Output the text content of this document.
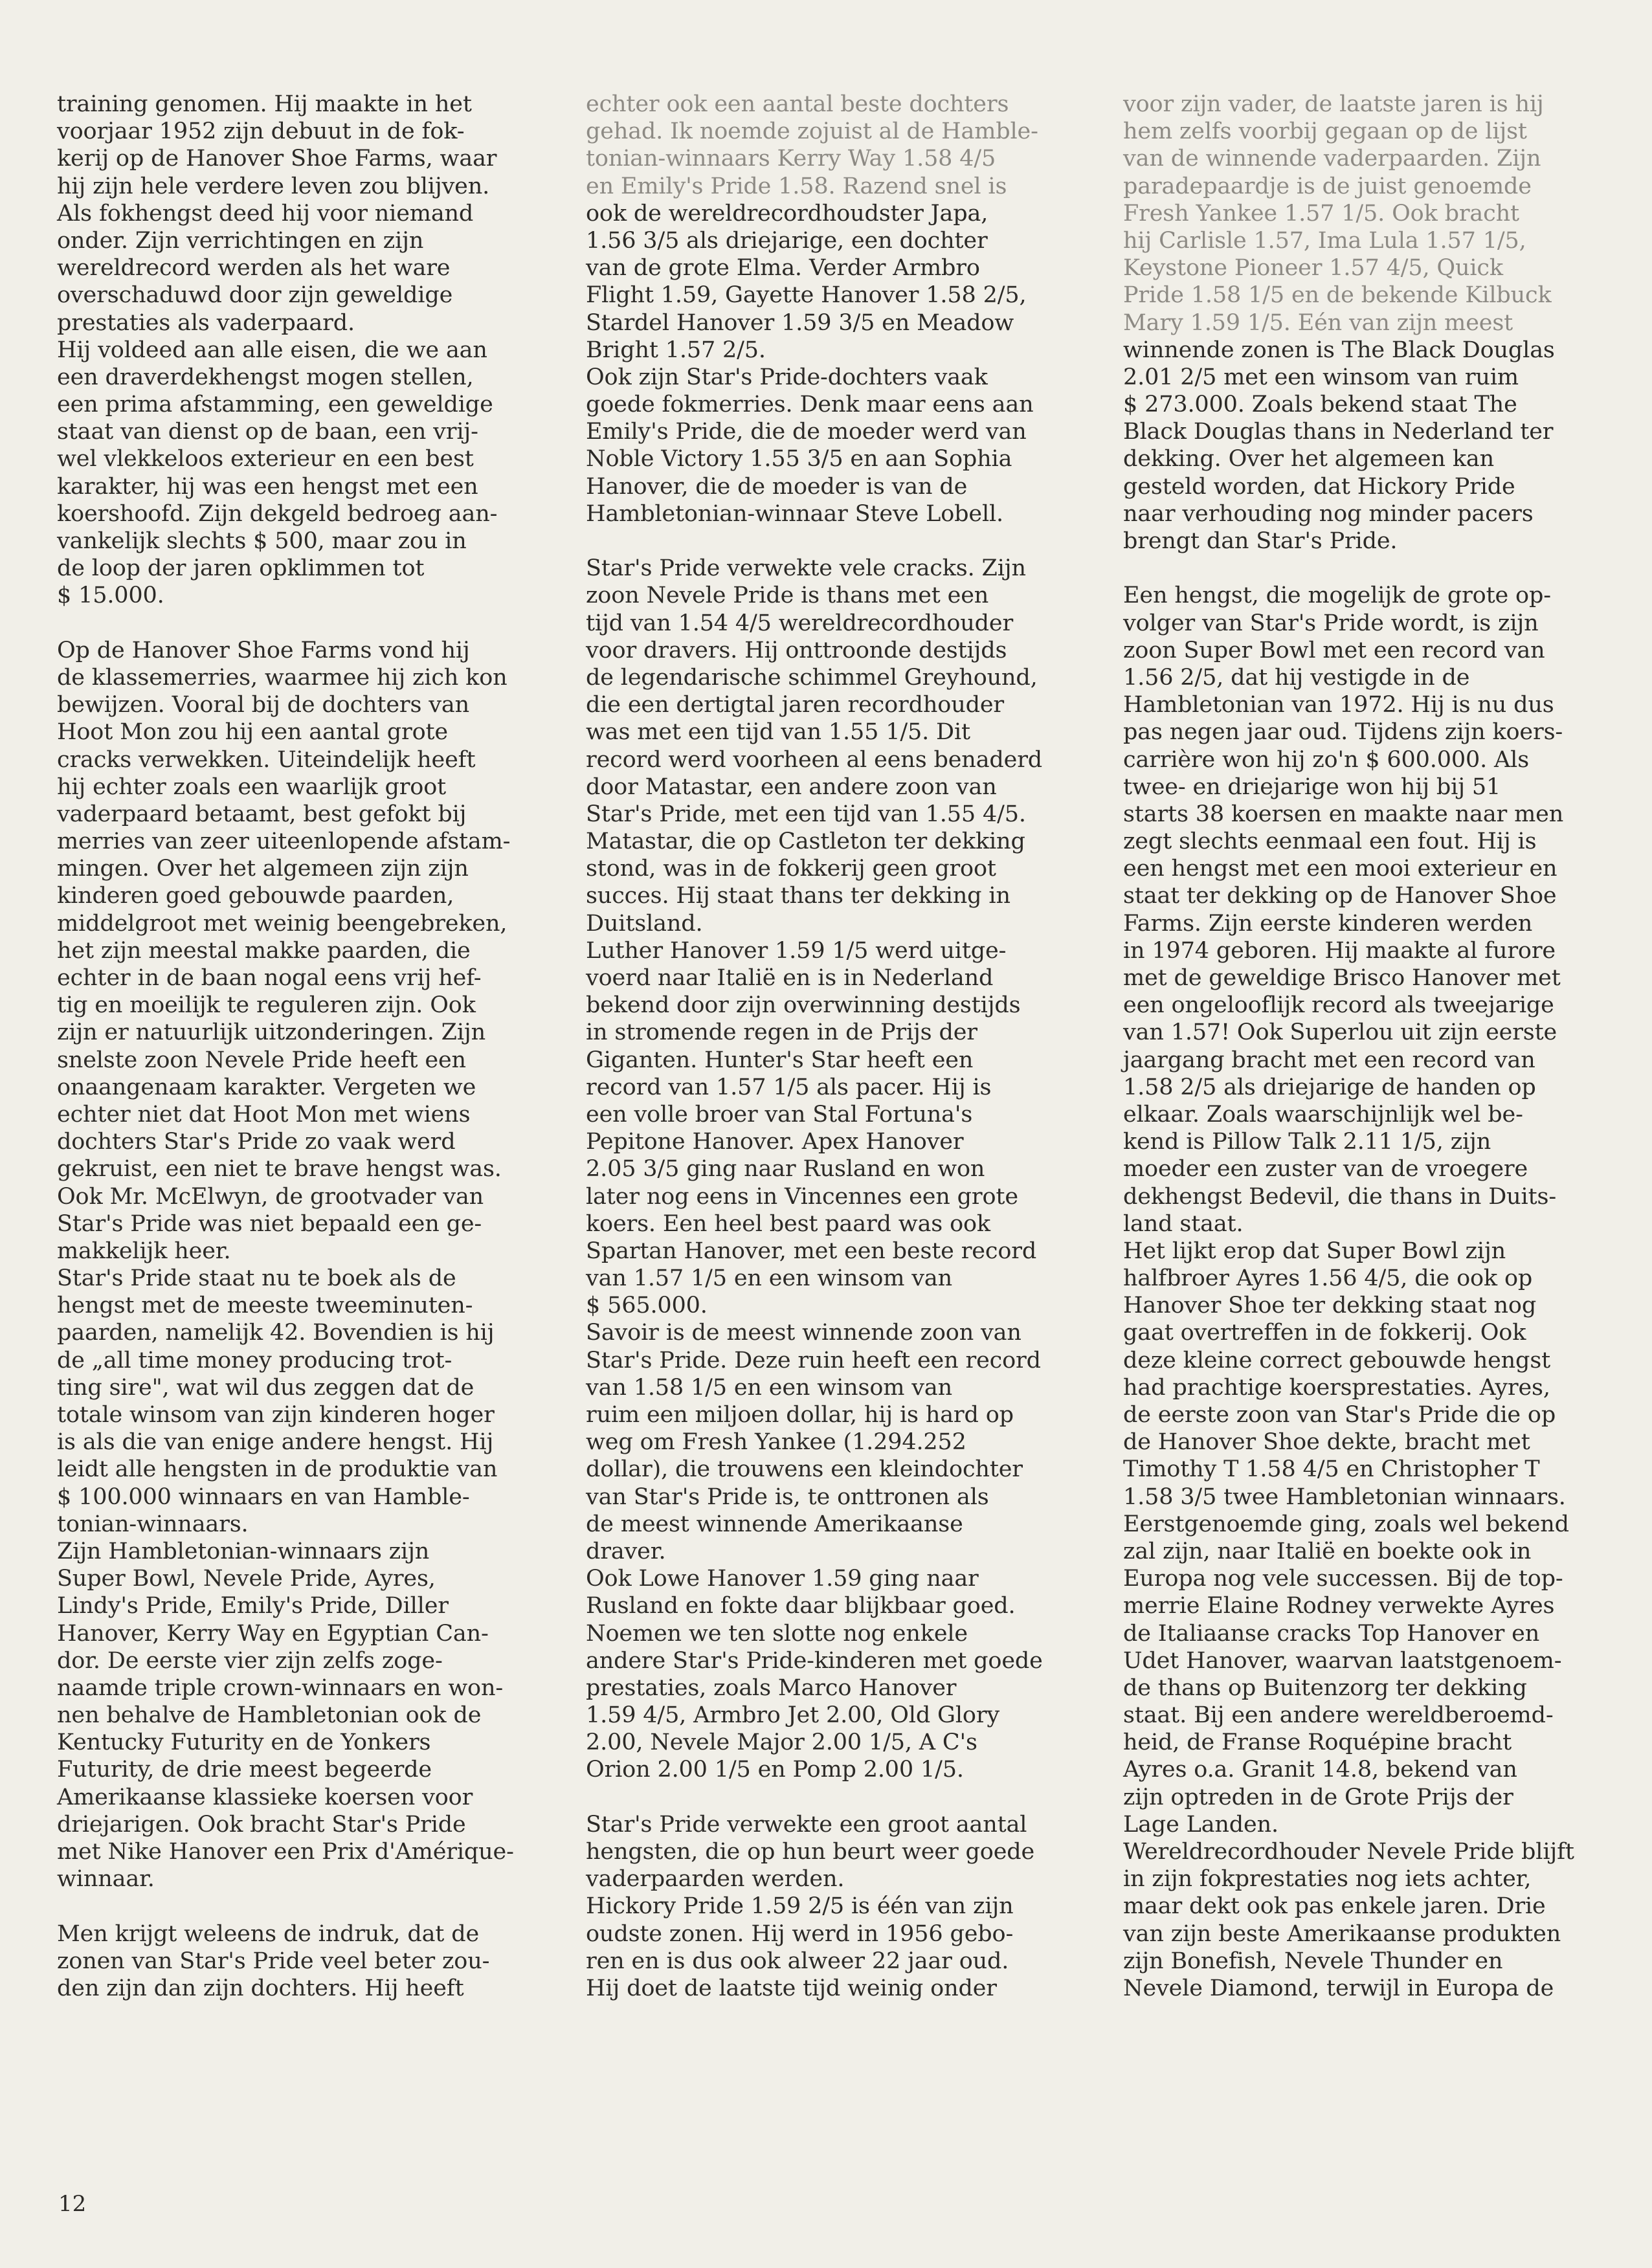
training genomen. Hij maakte in het
voorjaar 1952 zijn debuut in de fok-
kerij op de Hanover Shoe Farms, waar
hij zijn hele verdere leven zou blijven.
Als fokhengst deed hij voor niemand
onder. Zijn verrichtingen en zijn
wereldrecord werden als het ware
overschaduwd door zijn geweldige
prestaties als vaderpaard.
Hij voldeed aan alle eisen, die we aan
een draverdekhengst mogen stellen,
een prima afstamming, een geweldige
staat van dienst op de baan, een vrij-
wel vlekkeloos exterieur en een best
karakter, hij was een hengst met een
koershoofd. Zijn dekgeld bedroeg aan-
vankelijk slechts $ 500, maar zou in
de loop der jaren opklimmen tot
$ 15.000.
Op de Hanover Shoe Farms vond hij
de klassemerries, waarmee hij zich kon
bewijzen. Vooral bij de dochters van
Hoot Mon zou hij een aantal grote
cracks verwekken. Uiteindelijk heeft
hij echter zoals een waarlijk groot
vaderpaard betaamt, best gefokt bij
merries van zeer uiteenlopende afstam-
mingen. Over het algemeen zijn zijn
kinderen goed gebouwde paarden,
middelgroot met weinig beengebreken,
het zijn meestal makke paarden, die
echter in de baan nogal eens vrij hef-
tig en moeilijk te reguleren zijn. Ook
zijn er natuurlijk uitzonderingen. Zijn
snelste zoon Nevele Pride heeft een
onaangenaam karakter. Vergeten we
echter niet dat Hoot Mon met wiens
dochters Star's Pride zo vaak werd
gekruist, een niet te brave hengst was.
Ook Mr. McElwyn, de grootvader van
Star's Pride was niet bepaald een ge-
makkelijk heer.
Star's Pride staat nu te boek als de
hengst met de meeste tweeminuten-
paarden, namelijk 42. Bovendien is hij
de „all time money producing trot-
ting sire", wat wil dus zeggen dat de
totale winsom van zijn kinderen hoger
is als die van enige andere hengst. Hij
leidt alle hengsten in de produktie van
$ 100.000 winnaars en van Hamble-
tonian-winnaars.
Zijn Hambletonian-winnaars zijn
Super Bowl, Nevele Pride, Ayres,
Lindy's Pride, Emily's Pride, Diller
Hanover, Kerry Way en Egyptian Can-
dor. De eerste vier zijn zelfs zoge-
naamde triple crown-winnaars en won-
nen behalve de Hambletonian ook de
Kentucky Futurity en de Yonkers
Futurity, de drie meest begeerde
Amerikaanse klassieke koersen voor
driejarigen. Ook bracht Star's Pride
met Nike Hanover een Prix d'Amérique-
winnaar.
Men krijgt weleens de indruk, dat de
zonen van Star's Pride veel beter zou-
den zijn dan zijn dochters. Hij heeft
echter ook een aantal beste dochters
gehad. Ik noemde zojuist al de Hamble-
tonian-winnaars Kerry Way 1.58 4/5
en Emily's Pride 1.58. Razend snel is
ook de wereldrecordhoudster Japa,
1.56 3/5 als driejarige, een dochter
van de grote Elma. Verder Armbro
Flight 1.59, Gayette Hanover 1.58 2/5,
Stardel Hanover 1.59 3/5 en Meadow
Bright 1.57 2/5.
Ook zijn Star's Pride-dochters vaak
goede fokmerries. Denk maar eens aan
Emily's Pride, die de moeder werd van
Noble Victory 1.55 3/5 en aan Sophia
Hanover, die de moeder is van de
Hambletonian-winnaar Steve Lobell.
Star's Pride verwekte vele cracks. Zijn
zoon Nevele Pride is thans met een
tijd van 1.54 4/5 wereldrecordhouder
voor dravers. Hij onttroonde destijds
de legendarische schimmel Greyhound,
die een dertigtal jaren recordhouder
was met een tijd van 1.55 1/5. Dit
record werd voorheen al eens benaderd
door Matastar, een andere zoon van
Star's Pride, met een tijd van 1.55 4/5.
Matastar, die op Castleton ter dekking
stond, was in de fokkerij geen groot
succes. Hij staat thans ter dekking in
Duitsland.
Luther Hanover 1.59 1/5 werd uitge-
voerd naar Italië en is in Nederland
bekend door zijn overwinning destijds
in stromende regen in de Prijs der
Giganten. Hunter's Star heeft een
record van 1.57 1/5 als pacer. Hij is
een volle broer van Stal Fortuna's
Pepitone Hanover. Apex Hanover
2.05 3/5 ging naar Rusland en won
later nog eens in Vincennes een grote
koers. Een heel best paard was ook
Spartan Hanover, met een beste record
van 1.57 1/5 en een winsom van
$ 565.000.
Savoir is de meest winnende zoon van
Star's Pride. Deze ruin heeft een record
van 1.58 1/5 en een winsom van
ruim een miljoen dollar, hij is hard op
weg om Fresh Yankee (1.294.252
dollar), die trouwens een kleindochter
van Star's Pride is, te onttronen als
de meest winnende Amerikaanse
draver.
Ook Lowe Hanover 1.59 ging naar
Rusland en fokte daar blijkbaar goed.
Noemen we ten slotte nog enkele
andere Star's Pride-kinderen met goede
prestaties, zoals Marco Hanover
1.59 4/5, Armbro Jet 2.00, Old Glory
2.00, Nevele Major 2.00 1/5, A C's
Orion 2.00 1/5 en Pomp 2.00 1/5.
Star's Pride verwekte een groot aantal
hengsten, die op hun beurt weer goede
vaderpaarden werden.
Hickory Pride 1.59 2/5 is één van zijn
oudste zonen. Hij werd in 1956 gebo-
ren en is dus ook alweer 22 jaar oud.
Hij doet de laatste tijd weinig onder
voor zijn vader, de laatste jaren is hij
hem zelfs voorbij gegaan op de lijst
van de winnende vaderpaarden. Zijn
paradepaardje is de juist genoemde
Fresh Yankee 1.57 1/5. Ook bracht
hij Carlisle 1.57, Ima Lula 1.57 1/5,
Keystone Pioneer 1.57 4/5, Quick
Pride 1.58 1/5 en de bekende Kilbuck
Mary 1.59 1/5. Eén van zijn meest
winnende zonen is The Black Douglas
2.01 2/5 met een winsom van ruim
$ 273.000. Zoals bekend staat The
Black Douglas thans in Nederland ter
dekking. Over het algemeen kan
gesteld worden, dat Hickory Pride
naar verhouding nog minder pacers
brengt dan Star's Pride.
Een hengst, die mogelijk de grote op-
volger van Star's Pride wordt, is zijn
zoon Super Bowl met een record van
1.56 2/5, dat hij vestigde in de
Hambletonian van 1972. Hij is nu dus
pas negen jaar oud. Tijdens zijn koers-
carrière won hij zo'n $ 600.000. Als
twee- en driejarige won hij bij 51
starts 38 koersen en maakte naar men
zegt slechts eenmaal een fout. Hij is
een hengst met een mooi exterieur en
staat ter dekking op de Hanover Shoe
Farms. Zijn eerste kinderen werden
in 1974 geboren. Hij maakte al furore
met de geweldige Brisco Hanover met
een ongelooflijk record als tweejarige
van 1.57! Ook Superlou uit zijn eerste
jaargang bracht met een record van
1.58 2/5 als driejarige de handen op
elkaar. Zoals waarschijnlijk wel be-
kend is Pillow Talk 2.11 1/5, zijn
moeder een zuster van de vroegere
dekhengst Bedevil, die thans in Duits-
land staat.
Het lijkt erop dat Super Bowl zijn
halfbroer Ayres 1.56 4/5, die ook op
Hanover Shoe ter dekking staat nog
gaat overtreffen in de fokkerij. Ook
deze kleine correct gebouwde hengst
had prachtige koersprestaties. Ayres,
de eerste zoon van Star's Pride die op
de Hanover Shoe dekte, bracht met
Timothy T 1.58 4/5 en Christopher T
1.58 3/5 twee Hambletonian winnaars.
Eerstgenoemde ging, zoals wel bekend
zal zijn, naar Italië en boekte ook in
Europa nog vele successen. Bij de top-
merrie Elaine Rodney verwekte Ayres
de Italiaanse cracks Top Hanover en
Udet Hanover, waarvan laatstgenoem-
de thans op Buitenzorg ter dekking
staat. Bij een andere wereldberoemd-
heid, de Franse Roquépine bracht
Ayres o.a. Granit 14.8, bekend van
zijn optreden in de Grote Prijs der
Lage Landen.
Wereldrecordhouder Nevele Pride blijft
in zijn fokprestaties nog iets achter,
maar dekt ook pas enkele jaren. Drie
van zijn beste Amerikaanse produkten
zijn Bonefish, Nevele Thunder en
Nevele Diamond, terwijl in Europa de
12
